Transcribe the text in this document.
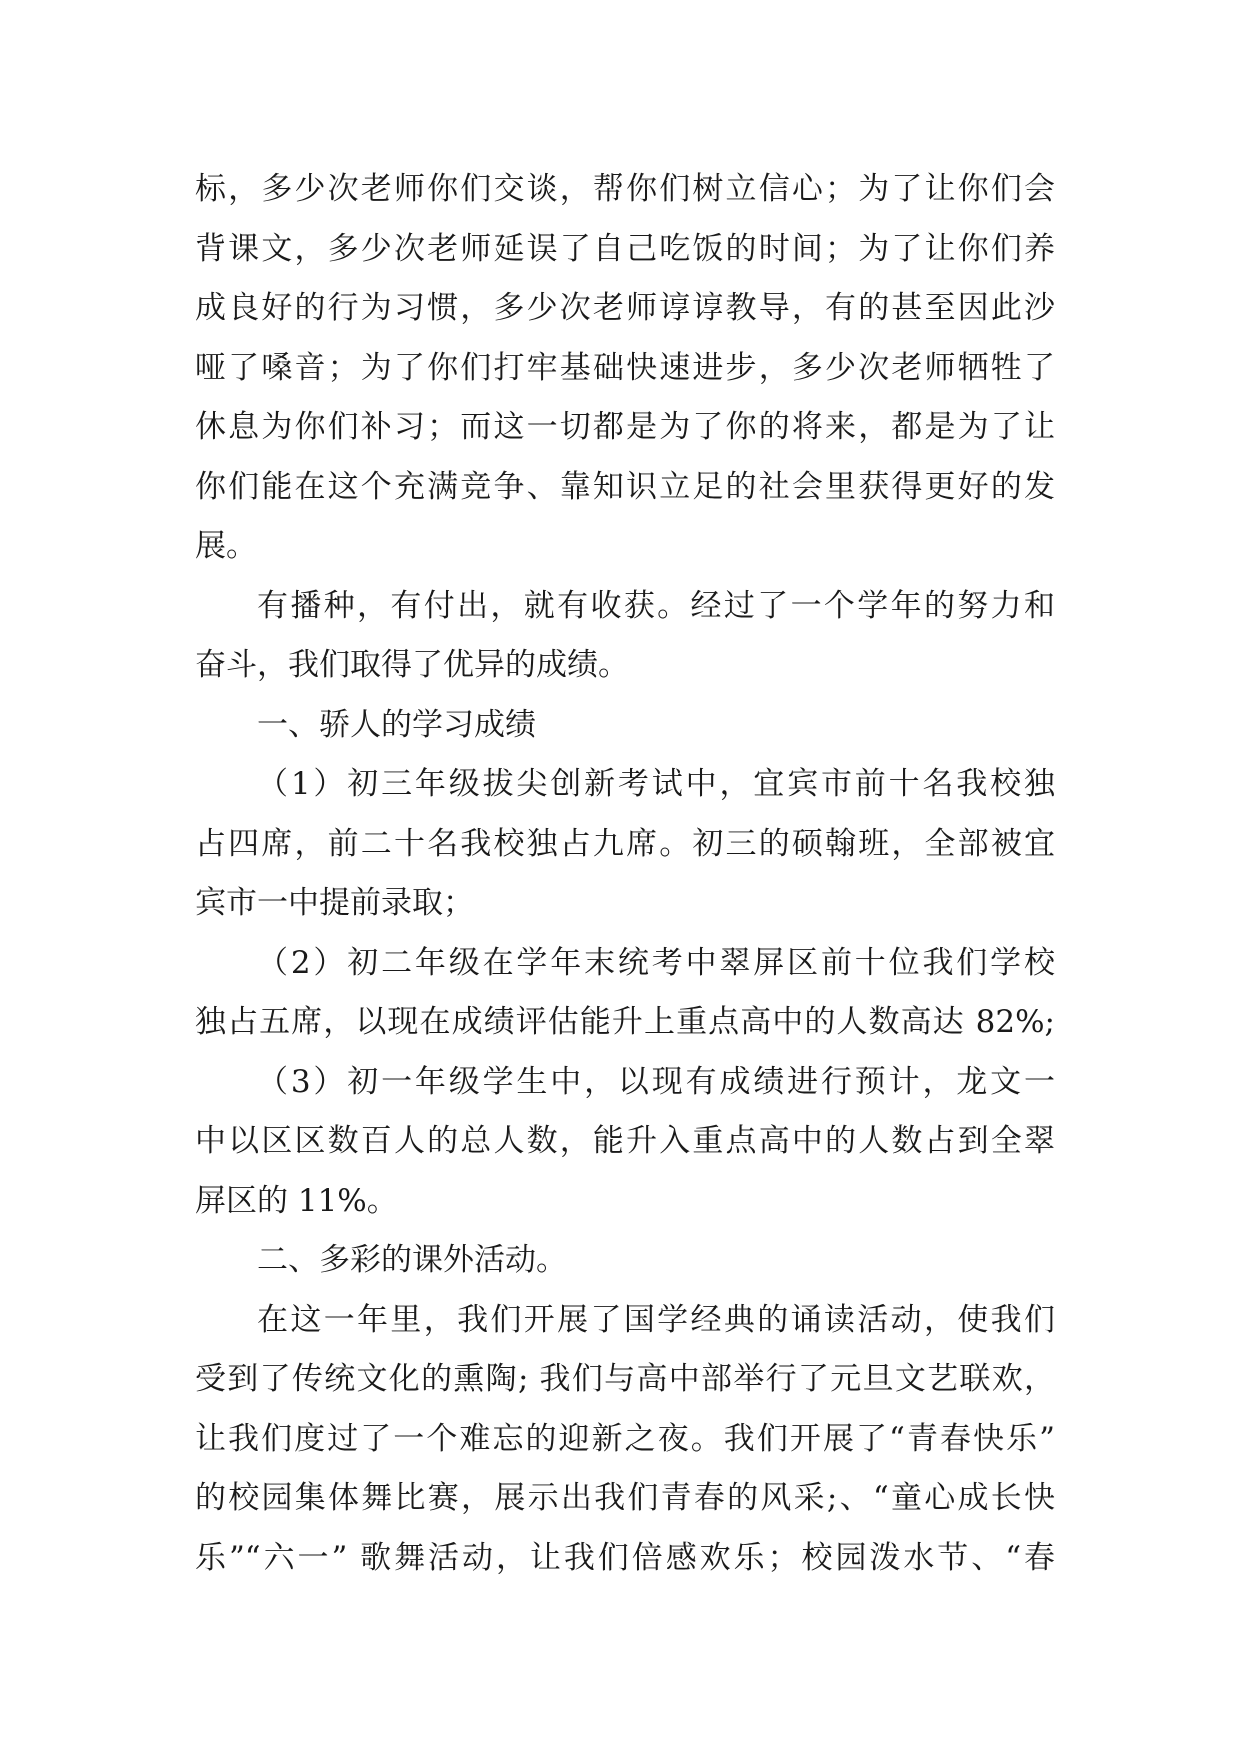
标，多少次老师你们交谈，帮你们树立信心；为了让你们会
背课文，多少次老师延误了自己吃饭的时间；为了让你们养
成良好的行为习惯，多少次老师谆谆教导，有的甚至因此沙
哑了嗓音；为了你们打牢基础快速进步，多少次老师牺牲了
休息为你们补习；而这一切都是为了你的将来，都是为了让
你们能在这个充满竞争、靠知识立足的社会里获得更好的发
展。
有播种，有付出，就有收获。经过了一个学年的努力和
奋斗，我们取得了优异的成绩。
一、骄人的学习成绩
（1）初三年级拔尖创新考试中，宜宾市前十名我校独
占四席，前二十名我校独占九席。初三的硕翰班，全部被宜
宾市一中提前录取；
（2）初二年级在学年末统考中翠屏区前十位我们学校
独占五席，以现在成绩评估能升上重点高中的人数高达 82%;
（3）初一年级学生中，以现有成绩进行预计，龙文一
中以区区数百人的总人数，能升入重点高中的人数占到全翠
屏区的 11%。
二、多彩的课外活动。
在这一年里，我们开展了国学经典的诵读活动，使我们
受到了传统文化的熏陶; 我们与高中部举行了元旦文艺联欢，
让我们度过了一个难忘的迎新之夜。我们开展了“青春快乐”
的校园集体舞比赛，展示出我们青春的风采;、“童心成长快
乐”“六一” 歌舞活动，让我们倍感欢乐；校园泼水节、“春
